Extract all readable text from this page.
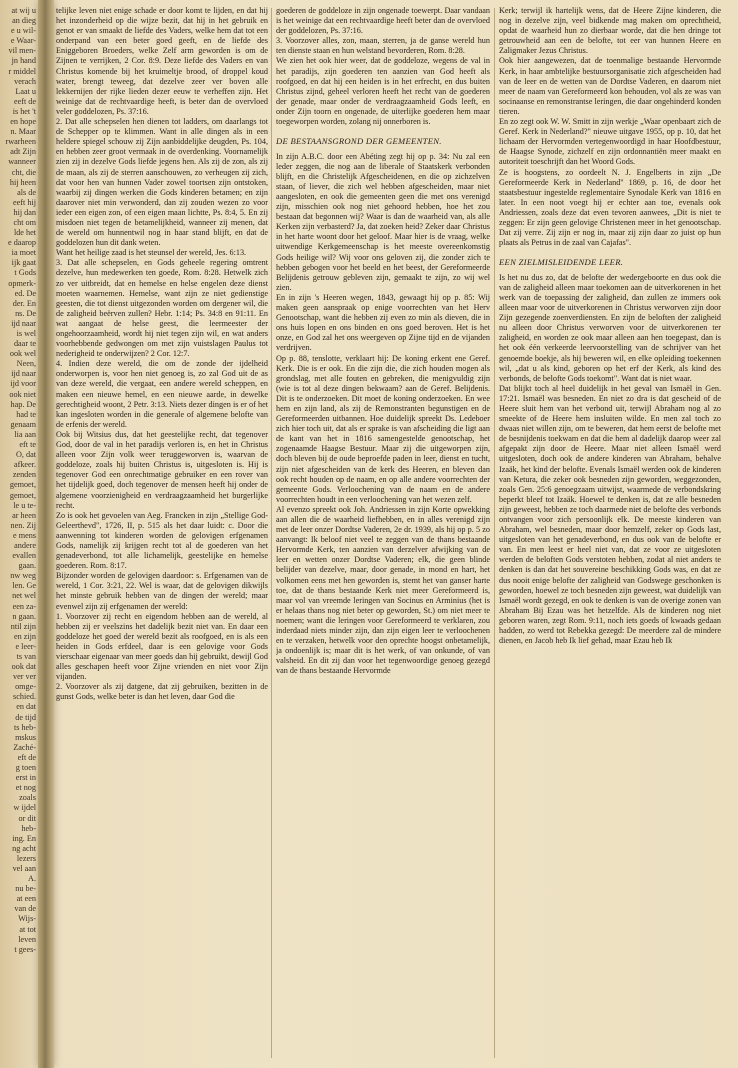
at wij u

an dieg

e u wil-

e Waar-

vil men-

jn hand

r middel

verach

Laat u

eeft de

is het 't

en hope

n. Maar

rwarheen

adt Zijn

wanneer

cht, die

hij heen

als de

eeft hij

hij dan

cht om

lde het

e daarop

ia moet

ijk gaat

t Gods

opmerk-

ed. De

der. En

ns. De

ijd naar

is wel

daar te

ook wel

Neen,

ijd naar

ijd voor

ook niet

hap. De

had te

genaam

lia aan

eft te

O, dat

afkeer.

zenden

gemoet,

gemoet,

le u te-

ar heen

nen. Zij

e mens

andere

evallen

gaan.

nw weg

len. Ge

net wel

een za-

n gaan.

ntil zijn

en zijn

e leer-

ts van

ook dat

ver ver

omge-

schied.

en dat

de tijd

ts heb-

mskus

Zaché-

eft de

g toen

erst in

et nog

zoals

w ijdel

or dit

heb-

ing. En

ng acht

lezers

vel aan

A.

nu be-

at een

van de

Wijs-

at tot

leven

t gees-

telijke leven niet enige schade er door komt te lijden, en dat hij het inzonderheid op die wijze bezit, dat hij in het gebruik en genot er van smaakt de liefde des Vaders, welke hem dat tot een onderpand van een beter goed geeft, en de liefde des Eniggeboren Broeders, welke Zelf arm geworden is om de Zijnen te verrijken, 2 Cor. 8:9. Deze liefde des Vaders en van Christus komende bij het kruimeltje brood, of droppel koud water, brengt teweeg, dat dezelve zeer ver boven alle lekkernijen der rijke lieden dezer eeuw te verheffen zijn. Het weinige dat de rechtvaardige heeft, is beter dan de overvloed veler goddelozen, Ps. 37:16.

2. Dat alle schepselen hen dienen tot ladders, om daarlangs tot de Schepper op te klimmen. Want in alle dingen als in een heldere spiegel schouw zij Zijn aanbiddelijke deugden, Ps. 104, en hebben zeer groot vermaak in de overdenking. Voornamelijk zien zij in dezelve Gods liefde jegens hen. Als zij de zon, als zij de maan, als zij de sterren aanschouwen, zo verheugen zij zich, dat voor hen van hunnen Vader zowel toortsen zijn ontstoken, waarbij zij dingen werken die Gods kinderen betamen; en zijn daarover niet min verwonderd, dan zij zouden wezen zo voor ieder een eigen zon, of een eigen maan lichtte, Ps. 8:4, 5. En zij misdoen niet tegen de betamelijkheid, wanneer zij menen, dat de wereld om hunnentwil nog in haar stand blijft, en dat de goddelozen hun dit dank weten.

Want het heilige zaad is het steunsel der wereld, Jes. 6:13.

3. Dat alle schepselen, en Gods geheele regering omtrent dezelve, hun medewerken ten goede, Rom. 8:28. Hetwelk zich zo ver uitbreidt, dat en hemelse en helse engelen deze dienst moeten waarnemen. Hemelse, want zijn ze niet gedienstige geesten, die tot dienst uitgezonden worden om dergener wil, die de zaligheid beërven zullen? Hebr. 1:14; Ps. 34:8 en 91:11. En wat aangaat de helse geest, die leermeester der ongehoorzaamheid, wordt hij niet tegen zijn wil, en wat anders voorhebbende gedwongen om met zijn vuistslagen Paulus tot nederigheid te onderwijzen? 2 Cor. 12:7.

4. Indien deze wereld, die om de zonde der ijdelheid onderworpen is, voor hen niet genoeg is, zo zal God uit de as van deze wereld, die vergaat, een andere wereld scheppen, en maken een nieuwe hemel, en een nieuwe aarde, in dewelke gerechtigheid woont, 2 Petr. 3:13. Niets dezer dingen is er of het kan ingesloten worden in die generale of algemene belofte van de erfenis der wereld.

Ook bij Witsius dus, dat het geestelijke recht, dat tegenover God, door de val in het paradijs verloren is, en het in Christus alleen voor Zijn volk weer teruggeworven is, waarvan de goddeloze, zoals hij buiten Christus is, uitgesloten is. Hij is tegenover God een onrechtmatige gebruiker en een rover van het tijdelijk goed, doch tegenover de mensen heeft hij onder de algemene voorzienigheid en verdraagzaamheid het burgerlijke recht.

Zo is ook het gevoelen van Aeg. Francken in zijn „Stellige God-Geleerthevd", 1726, II, p. 515 als het daar luidt: c. Door die aanwenning tot kinderen worden de gelovigen erfgenamen Gods, namelijk zij krijgen recht tot al de goederen van het genadeverbond, tot alle lichamelijk, geestelijke en hemelse goederen. Rom. 8:17.

Bijzonder worden de gelovigen daardoor: s. Erfgenamen van de wereld, 1 Cor. 3:21, 22. Wel is waar, dat de gelovigen dikwijls het minste gebruik hebben van de dingen der wereld; maar evenwel zijn zij erfgenamen der wereld:

1. Voorzover zij recht en eigendom hebben aan de wereld, al hebben zij er veelszins het dadelijk bezit niet van. En daar een goddeloze het goed der wereld bezit als roofgoed, en is als een heiden in Gods erfdeel, daar is een gelovige voor Gods vierschaar eigenaar van meer goeds dan hij gebruikt, dewijl God alles geschapen heeft voor Zijne vrienden en niet voor Zijn vijanden.

2. Voorzover als zij datgene, dat zij gebruiken, bezitten in de gunst Gods, welke beter is dan het leven, daar God die

goederen de goddeloze in zijn ongenade toewerpt. Daar vandaan is het weinige dat een rechtvaardige heeft beter dan de overvloed der goddelozen, Ps. 37:16.

3. Voorzover alles, zon, maan, sterren, ja de ganse wereld hun ten dienste staan en hun welstand bevorderen, Rom. 8:28.

We zien het ook hier weer, dat de goddeloze, wegens de val in het paradijs, zijn goederen ten aanzien van God heeft als roofgoed, en dat hij een heiden is in het erfrecht, en dus buiten Christus zijnd, geheel verloren heeft het recht van de goederen der genade, maar onder de verdraagzaamheid Gods leeft, en onder Zijn toorn en ongenade, de uiterlijke goederen hem maar toegeworpen worden, zolang nij onnerboren is.

DE BESTAANSGROND DER GEMEENTEN.

In zijn A.B.C. door een Abéting zegt hij op p. 34: Nu zal een leder zeggen, die nog aan de liberale of Staatskerk verbonden blijft, en die Christelijk Afgescheidenen, en die op zichzelven staan, of liever, die zich wel hebben afgescheiden, maar niet aangesloten, en ook die gemeenten geen die met ons verenigd zijn, misschien ook nog niet gehoord hebben, hoe het zou bestaan dat begonnen wij? Waar is dan de waarheid van, als alle Kerken zijn verbasterd? Ja, dat zoeken heid? Zeker daar Christus in het harte woont door het geloof. Maar hier is de vraag, welke uitwendige Kerkgemeenschap is het meeste overeenkomstig Gods heilige wil? Wij voor ons geloven zij, die zonder zich te hebben gebogen voor het beeld en het beest, der Gereformeerde Belijdenis getrouw gebleven zijn, gemaakt te zijn, zo wij wel zien.

En in zijn 's Heeren wegen, 1843, gewaagt hij op p. 85: Wij maken geen aanspraak op enige voorrechten van het Herv Genootschap, want die hebben zij even zo min als dieven, die in ons huis lopen en ons binden en ons goed beroven. Het is het onze, en God zal het ons weergeven op Zijne tijd en de vijanden verdrijven.

Op p. 88, tenslotte, verklaart hij: De koning erkent ene Geref. Kerk. Die is er ook. En die zijn die, die zich houden mogen als grondslag, met alle fouten en gebreken, die menigvuldig zijn (wie is tot al deze dingen bekwaam? aan de Geref. Belijdenis. Dit is te onderzoeken. Dit moet de koning onderzoeken. En wee hem en zijn land, als zij de Remonstranten begunstigen en de Gereformeerden uitbannen. Hoe duidelijk spreekt Ds. Ledeboer zich hier toch uit, dat als er sprake is van afscheiding die ligt aan de kant van het in 1816 samengestelde genootschap, het zogenaamde Haagse Bestuur. Maar zij die uitgeworpen zijn, doch bleven bij de oude beproefde paden in leer, dienst en tucht, zijn niet afgescheiden van de kerk des Heeren, en bleven dan ook recht houden op de naam, en op alle andere voorrechten der gemeente Gods. Verloochening van de naam en de andere voorrechten houdt in een verloochening van het wezen zelf.

Al evenzo spreekt ook Joh. Andriessen in zijn Korte opwekking aan allen die de waarheid liefhebben, en in alles verenigd zijn met de leer onzer Dordtse Vaderen, 2e dr. 1939, als hij op p. 5 zo aanvangt: Ik beloof niet veel te zeggen van de thans bestaande Hervormde Kerk, ten aanzien van derzelver afwijking van de leer en wetten onzer Dordtse Vaderen; elk, die geen blinde belijder van dezelve, maar, door genade, in mond en hart, het volkomen eens met hen geworden is, stemt het van ganser harte toe, dat de thans bestaande Kerk niet meer Gereformeerd is, maar vol van vreemde leringen van Socinus en Arminius (het is er helaas thans nog niet beter op geworden, St.) om niet meer te noemen; want die leringen voor Gereformeerd te verklaren, zou inderdaad niets minder zijn, dan zijn eigen leer te verloochenen en te verzaken, hetwelk voor den oprechte hoogst onbetamelijk, ja ondoenlijk is; maar dit is het werk, of van onkunde, of van valsheid. En dit zij dan voor het tegenwoordige genoeg gezegd van de thans bestaande Hervormde

Kerk; terwijl ik hartelijk wens, dat de Heere Zijne kinderen, die nog in dezelve zijn, veel bidkende mag maken om oprechtheid, opdat de waarheid hun zo dierbaar worde, dat die hen dringe tot getrouwheid aan een de belofte, tot eer van hunnen Heere en Zaligmaker Jezus Christus.

Ook hier aangewezen, dat de toenmalige bestaande Hervormde Kerk, in haar ambtelijke bestuursorganisatie zich afgescheiden had van de leer en de wetten van de Dordtse Vaderen, en daarom niet meer de naam van Gereformeerd kon behouden, vol als ze was van socinaanse en remonstrantse leringen, die daar ongehinderd konden tieren.

En zo zegt ook W. W. Smitt in zijn werkje „Waar openbaart zich de Geref. Kerk in Nederland?" nieuwe uitgave 1955, op p. 10, dat het lichaam der Hervormden vertegenwoordigd in haar Hoofdbestuur, de Haagse Synode, zichzelf en zijn ordonnantiën meer maakt en autoriteit toeschrijft dan het Woord Gods.

Ze is hoogstens, zo oordeelt N. J. Engelberts in zijn „De Gereformeerde Kerk in Nederland" 1869, p. 16, de door het staatsbestuur ingestelde reglementaire Synodale Kerk van 1816 en later. In een noot voegt hij er echter aan toe, evenals ook Andriessen, zoals deze dat even tevoren aanwees, „Dit is niet te zeggen: Er zijn geen gelovige Christenen meer in het genootschap. Dat zij verre. Zij zijn er nog in, maar zij zijn daar zo juist op hun plaats als Petrus in de zaal van Cajafas".

EEN ZIELMISLEIDENDE LEER.

Is het nu dus zo, dat de belofte der wedergeboorte en dus ook die van de zaligheid alleen maar toekomen aan de uitverkorenen in het werk van de toepassing der zaligheid, dan zullen ze immers ook alleen maar voor de uitverkorenen in Christus verworven zijn door Zijn gezegende zoenverdiensten. En zijn de beloften der zaligheid nu alleen door Christus verworven voor de uitverkorenen ter zaligheid, en worden ze ook maar alleen aan hen toegepast, dan is het ook één verkeerde leervoorstelling van de schrijver van het genoemde boekje, als hij beweren wil, en elke opleiding toekennen wil, „dat u als kind, geboren op het erf der Kerk, als kind des verbonds, de belofte Gods toekomt". Want dat is niet waar.

Dat blijkt toch al heel duidelijk in het geval van Ismaël in Gen. 17:21. Ismaël was besneden. En niet zo dra is dat gescheid of de Heere sluit hem van het verbond uit, terwijl Abraham nog al zo smeekte of de Heere hem insluiten wilde. En men zal toch zo dwaas niet willen zijn, om te beweren, dat hem eerst de belofte met de besnijdenis toekwam en dat die hem al dadelijk daarop weer zal afgepakt zijn door de Heere. Maar niet alleen Ismaël werd uitgesloten, doch ook de andere kinderen van Abraham, behalve Izaäk, het kind der belofte. Evenals Ismaël werden ook de kinderen van Ketura, die zeker ook besneden zijn geworden, weggezonden, zoals Gen. 25:6 genoegzaam uitwijst, waarmede de verbondskring beperkt bleef tot Izaäk. Hoewel te denken is, dat ze alle besneden zijn geweest, hebben ze toch daarmede niet de belofte des verbonds ontvangen voor zich persoonlijk elk. De meeste kinderen van Abraham, wel besneden, maar door hemzelf, zeker op Gods last, uitgesloten van het genadeverbond, en dus ook van de belofte er van. En men leest er heel niet van, dat ze voor ze uitgesloten werden de beloften Gods verstoten hebben, zodat al niet anders te denken is dan dat het souvereine beschikking Gods was, en dat ze dus nooit enige belofte der zaligheid van Godswege geschonken is geworden, hoewel ze toch besneden zijn geweest, wat duidelijk van Ismaël wordt gezegd, en ook te denken is van de overige zonen van Abraham Bij Ezau was het hetzelfde. Als de kinderen nog niet geboren waren, zegt Rom. 9:11, noch iets goeds of kwaads gedaan hadden, zo werd tot Rebekka gezegd: De meerdere zal de mindere dienen, en Jacob heb Ik lief gehad, maar Ezau heb Ik
